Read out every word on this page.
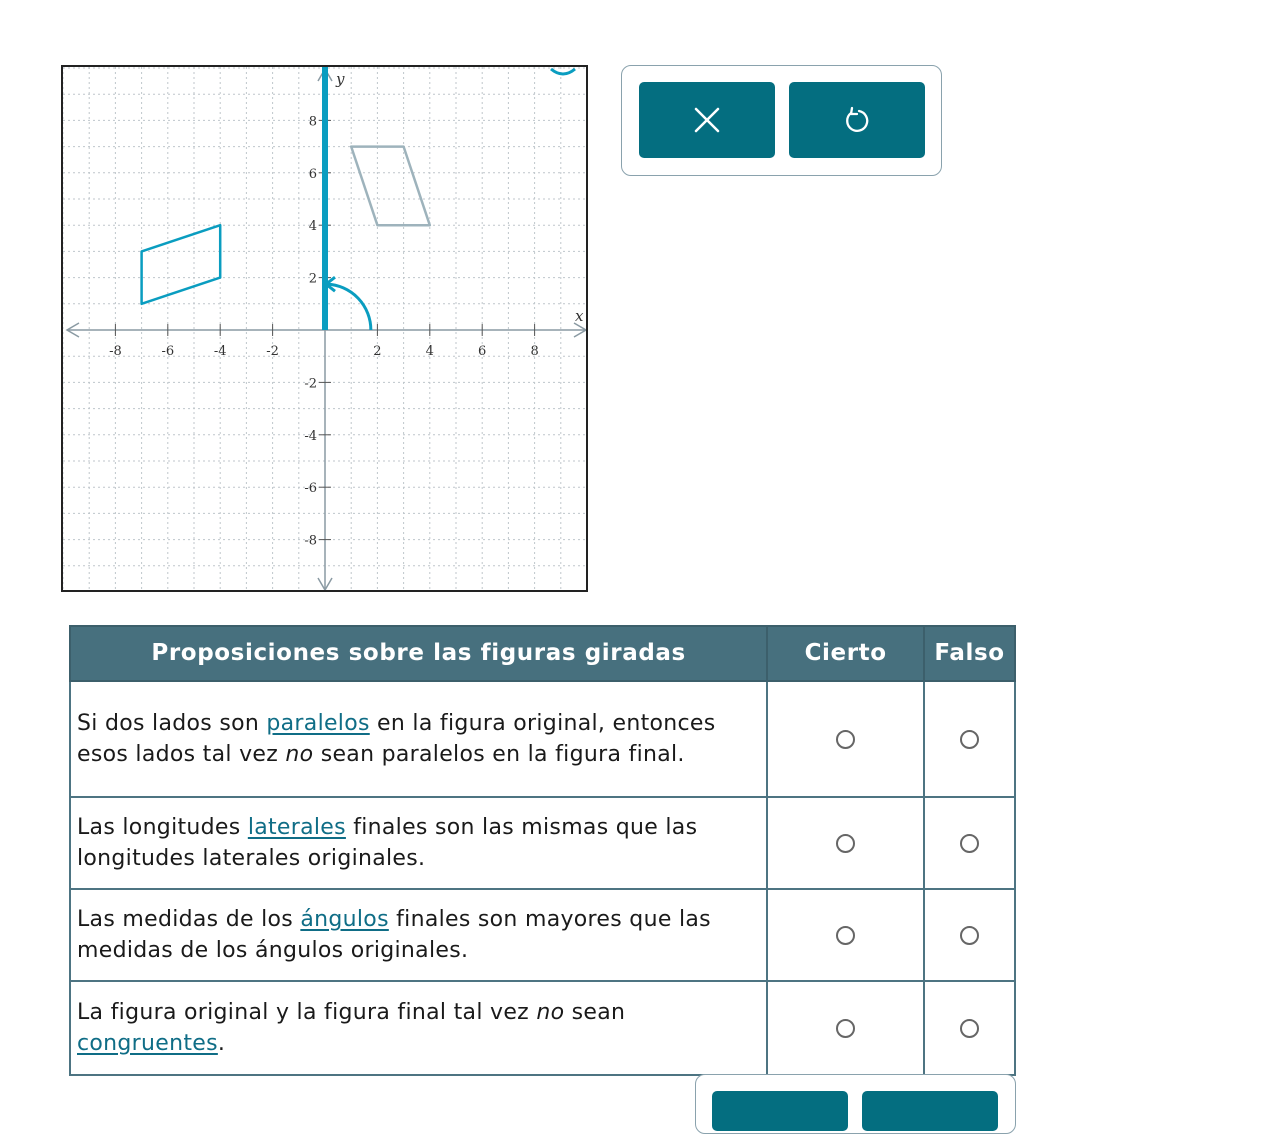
-8	-6	-4	-2	2	4	6	8
8
6
4
2
-2
-4
-6
-8
x
y
Proposiciones sobre las figuras giradas	Cierto	Falso
Si dos lados son paralelos en la figura original, entonces esos lados tal vez no sean paralelos en la figura final.		
Las longitudes laterales finales son las mismas que las longitudes laterales originales.		
Las medidas de los ángulos finales son mayores que las medidas de los ángulos originales.		
La figura original y la figura final tal vez no sean congruentes.		
